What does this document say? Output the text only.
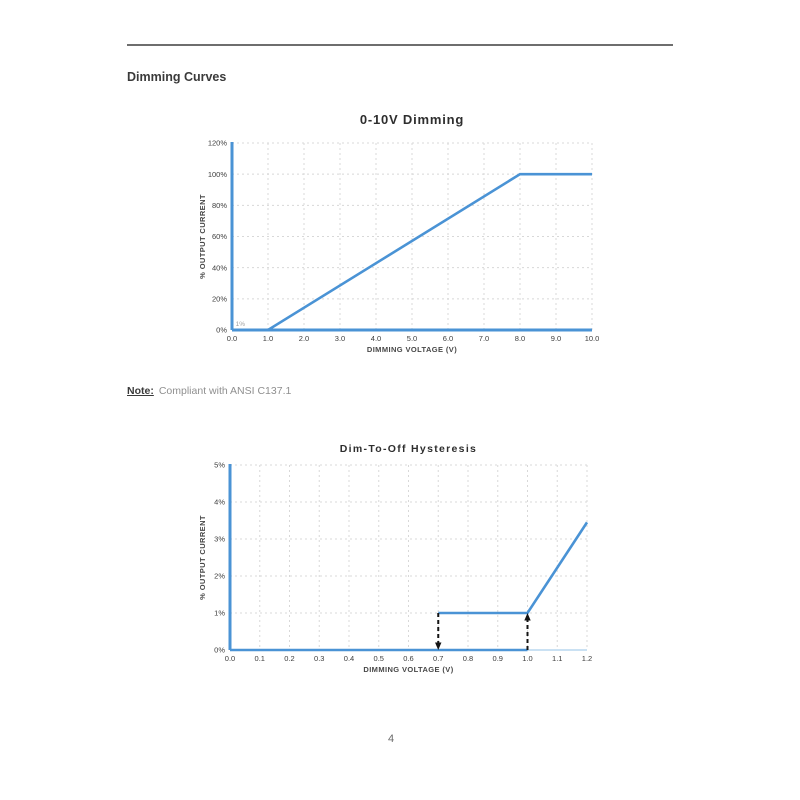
Dimming Curves
0-10V Dimming
1%
0.0	1.0	2.0	3.0	4.0	5.0	6.0	7.0	8.0	9.0	10.0
0%
20%
40%
60%
80%
100%
120%
DIMMING VOLTAGE (V)
% OUTPUT CURRENT
Note: Compliant with ANSI C137.1
Dim-To-Off Hysteresis
0.0	0.1	0.2	0.3	0.4	0.5	0.6	0.7	0.8	0.9	1.0	1.1	1.2
0%
1%
2%
3%
4%
5%
DIMMING VOLTAGE (V)
% OUTPUT CURRENT
4
